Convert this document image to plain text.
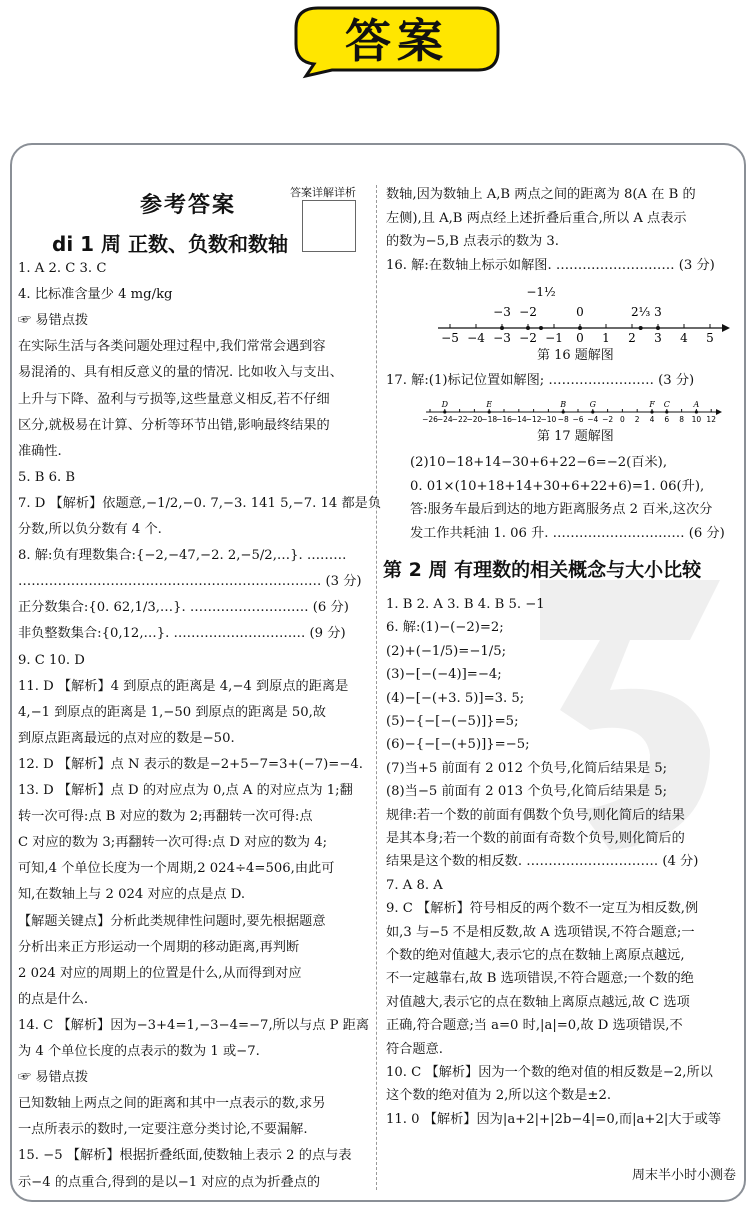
答案
参考答案
答案详解详析
di 1 周 正数、负数和数轴
1. A 2. C 3. C
4. 比标准含量少 4 mg/kg
☞ 易错点拨
在实际生活与各类问题处理过程中,我们常常会遇到容
易混淆的、具有相反意义的量的情况. 比如收入与支出、
上升与下降、盈利与亏损等,这些量意义相反,若不仔细
区分,就极易在计算、分析等环节出错,影响最终结果的
准确性.
5. B 6. B
7. D 【解析】依题意,−1/2,−0. 7,−3. 141 5,−7. 14 都是负
分数,所以负分数有 4 个.
8. 解:负有理数集合:{−2,−47,−2. 2,−5/2,…}. ………
…………………………………………………………… (3 分)
正分数集合:{0. 62,1/3,…}. ……………………… (6 分)
非负整数集合:{0,12,…}. ………………………… (9 分)
9. C 10. D
11. D 【解析】4 到原点的距离是 4,−4 到原点的距离是
4,−1 到原点的距离是 1,−50 到原点的距离是 50,故
到原点距离最远的点对应的数是−50.
12. D 【解析】点 N 表示的数是−2+5−7=3+(−7)=−4.
13. D 【解析】点 D 的对应点为 0,点 A 的对应点为 1;翻
转一次可得:点 B 对应的数为 2;再翻转一次可得:点
C 对应的数为 3;再翻转一次可得:点 D 对应的数为 4;
可知,4 个单位长度为一个周期,2 024÷4=506,由此可
知,在数轴上与 2 024 对应的点是点 D.
【解题关键点】分析此类规律性问题时,要先根据题意
分析出来正方形运动一个周期的移动距离,再判断
2 024 对应的周期上的位置是什么,从而得到对应
的点是什么.
14. C 【解析】因为−3+4=1,−3−4=−7,所以与点 P 距离
为 4 个单位长度的点表示的数为 1 或−7.
☞ 易错点拨
已知数轴上两点之间的距离和其中一点表示的数,求另
一点所表示的数时,一定要注意分类讨论,不要漏解.
15. −5 【解析】根据折叠纸面,使数轴上表示 2 的点与表
示−4 的点重合,得到的是以−1 对应的点为折叠点的
数轴,因为数轴上 A,B 两点之间的距离为 8(A 在 B 的
左侧),且 A,B 两点经上述折叠后重合,所以 A 点表示
的数为−5,B 点表示的数为 3.
16. 解:在数轴上标示如解图. ……………………… (3 分)
−5 −4 −3 −2 −1 0 1 2 3 4 5
−1½
−3 −2	0	2⅓ 3
第 16 题解图
17. 解:(1)标记位置如解图; …………………… (3 分)
−26
−24
−22
−20
−18
−16
−14
−12
−10 −8 −6 −4 −2 0 2 4 6 8 10 12
D	E	B	G	F C	A
第 17 题解图
(2)10−18+14−30+6+22−6=−2(百米),
0. 01×(10+18+14+30+6+22+6)=1. 06(升),
答:服务车最后到达的地方距离服务点 2 百米,这次分
发工作共耗油 1. 06 升. ………………………… (6 分)
第 2 周 有理数的相关概念与大小比较
1. B 2. A 3. B 4. B 5. −1
6. 解:(1)−(−2)=2;
(2)+(−1/5)=−1/5;
(3)−[−(−4)]=−4;
(4)−[−(+3. 5)]=3. 5;
(5)−{−[−(−5)]}=5;
(6)−{−[−(+5)]}=−5;
(7)当+5 前面有 2 012 个负号,化简后结果是 5;
(8)当−5 前面有 2 013 个负号,化简后结果是 5;
规律:若一个数的前面有偶数个负号,则化简后的结果
是其本身;若一个数的前面有奇数个负号,则化简后的
结果是这个数的相反数. ………………………… (4 分)
7. A 8. A
9. C 【解析】符号相反的两个数不一定互为相反数,例
如,3 与−5 不是相反数,故 A 选项错误,不符合题意;一
个数的绝对值越大,表示它的点在数轴上离原点越远,
不一定越靠右,故 B 选项错误,不符合题意;一个数的绝
对值越大,表示它的点在数轴上离原点越远,故 C 选项
正确,符合题意;当 a=0 时,|a|=0,故 D 选项错误,不
符合题意.
10. C 【解析】因为一个数的绝对值的相反数是−2,所以
这个数的绝对值为 2,所以这个数是±2.
11. 0 【解析】因为|a+2|+|2b−4|=0,而|a+2|大于或等
周末半小时小测卷
